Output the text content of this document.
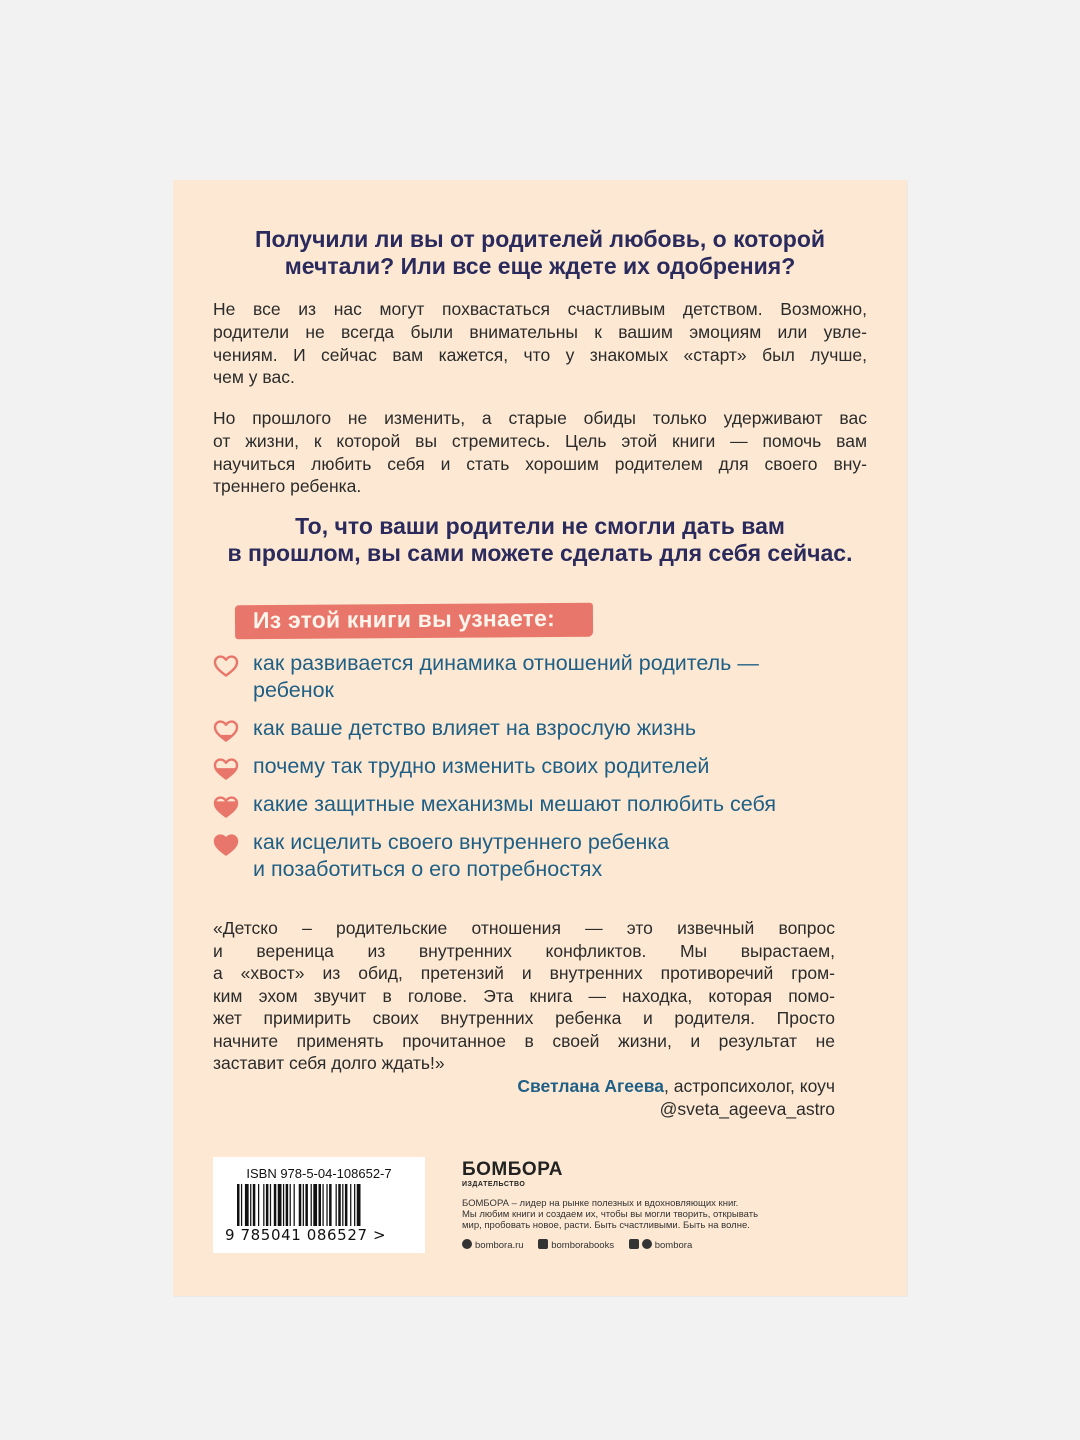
Получили ли вы от родителей любовь, о которой
мечтали? Или все еще ждете их одобрения?
Не все из нас могут похвастаться счастливым детством. Возможно,
родители не всегда были внимательны к вашим эмоциям или увле-
чениям. И сейчас вам кажется, что у знакомых «старт» был лучше,
чем у вас.
Но прошлого не изменить, а старые обиды только удерживают вас
от жизни, к которой вы стремитесь. Цель этой книги — помочь вам
научиться любить себя и стать хорошим родителем для своего вну-
треннего ребенка.
То, что ваши родители не смогли дать вам
в прошлом, вы сами можете сделать для себя сейчас.
Из этой книги вы узнаете:
как развивается динамика отношений родитель —
ребенок
как ваше детство влияет на взрослую жизнь
почему так трудно изменить своих родителей
какие защитные механизмы мешают полюбить себя
как исцелить своего внутреннего ребенка
и позаботиться о его потребностях
«Детско – родительские отношения — это извечный вопрос
и вереница из внутренних конфликтов. Мы вырастаем,
а «хвост» из обид, претензий и внутренних противоречий гром-
ким эхом звучит в голове. Эта книга — находка, которая помо-
жет примирить своих внутренних ребенка и родителя. Просто
начните применять прочитанное в своей жизни, и результат не
заставит себя долго ждать!»
Светлана Агеева, астропсихолог, коуч
@sveta_ageeva_astro
ISBN 978-5-04-108652-7
9 785041 086527 >
БОМБОРА
ИЗДАТЕЛЬСТВО
БОМБОРА – лидер на рынке полезных и вдохновляющих книг.
Мы любим книги и создаем их, чтобы вы могли творить, открывать
мир, пробовать новое, расти. Быть счастливыми. Быть на волне.
bombora.ru	bomborabooks	bombora
